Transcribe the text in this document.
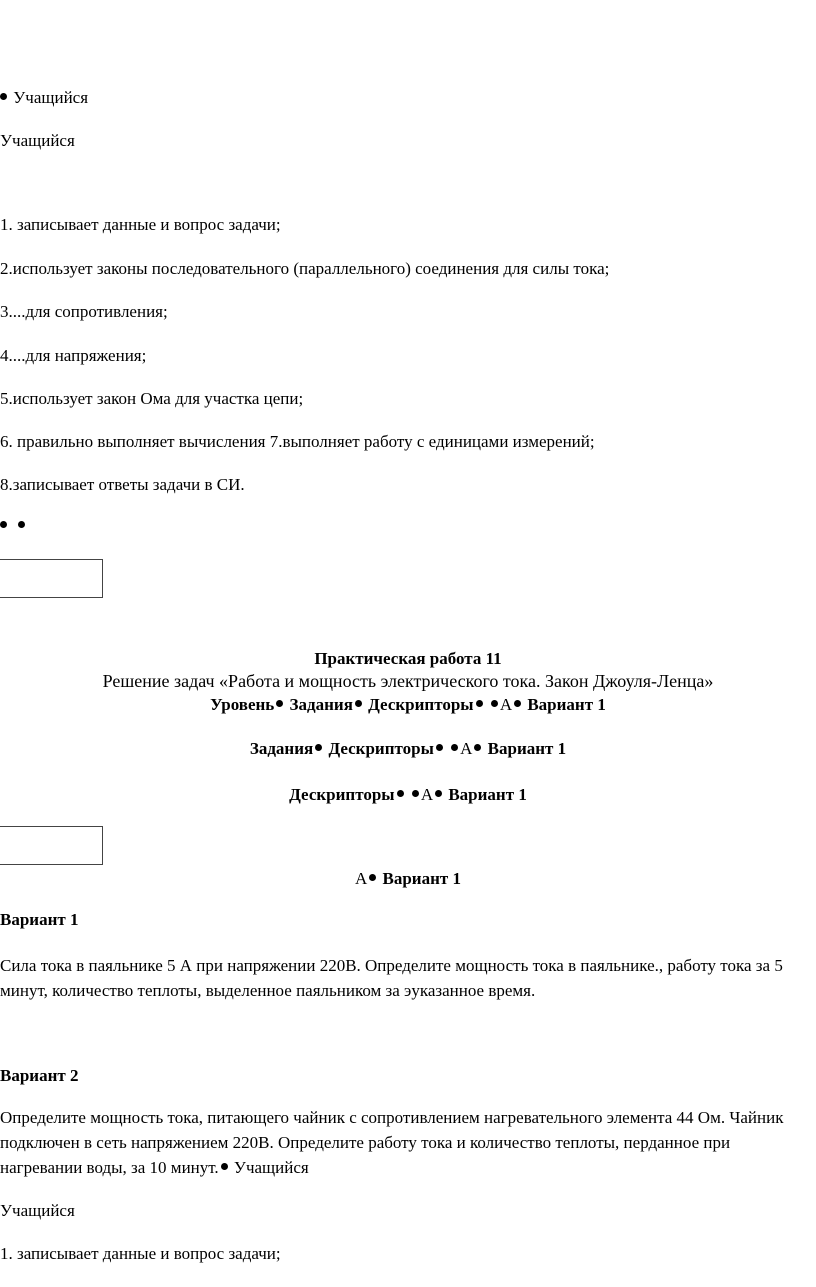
Учащийся
Учащийся
1. записывает данные и вопрос задачи;
2.использует законы последовательного (параллельного) соединения для силы тока;
3....для сопротивления;
4....для напряжения;
5.использует закон Ома для участка цепи;
6. правильно выполняет вычисления 7.выполняет работу с единицами измерений;
8.записывает ответы задачи в СИ.

Практическая работа 11
Решение задач «Работа и мощность электрического тока. Закон Джоуля-Ленца»
Уровень Задания Дескрипторы А Вариант 1
Задания Дескрипторы А Вариант 1
Дескрипторы А Вариант 1
А Вариант 1
Вариант 1
Сила тока в паяльнике 5 А при напряжении 220В. Определите мощность тока в паяльнике., работу тока за 5 минут, количество теплоты, выделенное паяльником за эуказанное время.
Вариант 2
Определите мощность тока, питающего чайник с сопротивлением нагревательного элемента 44 Ом. Чайник подключен в сеть напряжением 220В. Определите работу тока и количество теплоты, перданное при нагревании воды, за 10 минут. Учащийся
Учащийся
1. записывает данные и вопрос задачи;
